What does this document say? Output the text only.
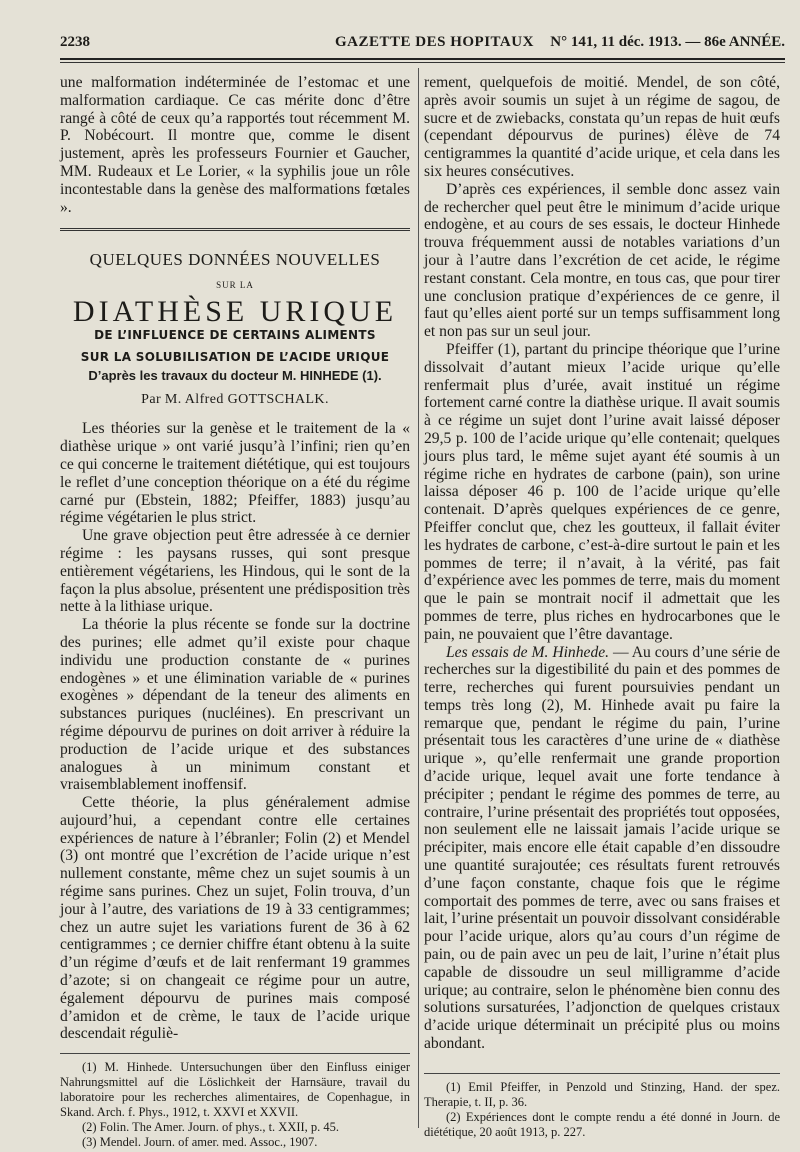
2238	GAZETTE DES HOPITAUX N° 141, 11 déc. 1913. — 86e ANNÉE.

une malformation indéterminée de l’estomac et une malformation cardiaque. Ce cas mérite donc d’être rangé à côté de ceux qu’a rapportés tout récemment M. P. Nobécourt. Il montre que, comme le disent justement, après les professeurs Fournier et Gaucher, MM. Rudeaux et Le Lorier, « la syphilis joue un rôle incontestable dans la genèse des malformations fœtales ».

QUELQUES DONNÉES NOUVELLES
SUR LA
DIATHÈSE URIQUE
DE L’INFLUENCE DE CERTAINS ALIMENTS
SUR LA SOLUBILISATION DE L’ACIDE URIQUE
D’après les travaux du docteur M. HINHEDE (1).
Par M. Alfred GOTTSCHALK.

Les théories sur la genèse et le traitement de la « diathèse urique » ont varié jusqu’à l’infini; rien qu’en ce qui concerne le traitement diététique, qui est toujours le reflet d’une conception théorique on a été du régime carné pur (Ebstein, 1882; Pfeiffer, 1883) jusqu’au régime végétarien le plus strict.

Une grave objection peut être adressée à ce dernier régime : les paysans russes, qui sont presque entièrement végétariens, les Hindous, qui le sont de la façon la plus absolue, présentent une prédisposition très nette à la lithiase urique.

La théorie la plus récente se fonde sur la doctrine des purines; elle admet qu’il existe pour chaque individu une production constante de « purines endogènes » et une élimination variable de « purines exogènes » dépendant de la teneur des aliments en substances puriques (nucléines). En prescrivant un régime dépourvu de purines on doit arriver à réduire la production de l’acide urique et des substances analogues à un minimum constant et vraisemblablement inoffensif.

Cette théorie, la plus généralement admise aujourd’hui, a cependant contre elle certaines expériences de nature à l’ébranler; Folin (2) et Mendel (3) ont montré que l’excrétion de l’acide urique n’est nullement constante, même chez un sujet soumis à un régime sans purines. Chez un sujet, Folin trouva, d’un jour à l’autre, des variations de 19 à 33 centigrammes; chez un autre sujet les variations furent de 36 à 62 centigrammes ; ce dernier chiffre étant obtenu à la suite d’un régime d’œufs et de lait renfermant 19 grammes d’azote; si on changeait ce régime pour un autre, également dépourvu de purines mais composé d’amidon et de crème, le taux de l’acide urique descendait réguliè-

(1) M. Hinhede. Untersuchungen über den Einfluss einiger Nahrungsmittel auf die Löslichkeit der Harnsäure, travail du laboratoire pour les recherches alimentaires, de Copenhague, in Skand. Arch. f. Phys., 1912, t. XXVI et XXVII.

(2) Folin. The Amer. Journ. of phys., t. XXII, p. 45.

(3) Mendel. Journ. of amer. med. Assoc., 1907.

rement, quelquefois de moitié. Mendel, de son côté, après avoir soumis un sujet à un régime de sagou, de sucre et de zwiebacks, constata qu’un repas de huit œufs (cependant dépourvus de purines) élève de 74 centigrammes la quantité d’acide urique, et cela dans les six heures consécutives.

D’après ces expériences, il semble donc assez vain de rechercher quel peut être le minimum d’acide urique endogène, et au cours de ses essais, le docteur Hinhede trouva fréquemment aussi de notables variations d’un jour à l’autre dans l’excrétion de cet acide, le régime restant constant. Cela montre, en tous cas, que pour tirer une conclusion pratique d’expériences de ce genre, il faut qu’elles aient porté sur un temps suffisamment long et non pas sur un seul jour.

Pfeiffer (1), partant du principe théorique que l’urine dissolvait d’autant mieux l’acide urique qu’elle renfermait plus d’urée, avait institué un régime fortement carné contre la diathèse urique. Il avait soumis à ce régime un sujet dont l’urine avait laissé déposer 29,5 p. 100 de l’acide urique qu’elle contenait; quelques jours plus tard, le même sujet ayant été soumis à un régime riche en hydrates de carbone (pain), son urine laissa déposer 46 p. 100 de l’acide urique qu’elle contenait. D’après quelques expériences de ce genre, Pfeiffer conclut que, chez les goutteux, il fallait éviter les hydrates de carbone, c’est-à-dire surtout le pain et les pommes de terre; il n’avait, à la vérité, pas fait d’expérience avec les pommes de terre, mais du moment que le pain se montrait nocif il admettait que les pommes de terre, plus riches en hydrocarbones que le pain, ne pouvaient que l’être davantage.

Les essais de M. Hinhede. — Au cours d’une série de recherches sur la digestibilité du pain et des pommes de terre, recherches qui furent poursuivies pendant un temps très long (2), M. Hinhede avait pu faire la remarque que, pendant le régime du pain, l’urine présentait tous les caractères d’une urine de « diathèse urique », qu’elle renfermait une grande proportion d’acide urique, lequel avait une forte tendance à précipiter ; pendant le régime des pommes de terre, au contraire, l’urine présentait des propriétés tout opposées, non seulement elle ne laissait jamais l’acide urique se précipiter, mais encore elle était capable d’en dissoudre une quantité surajoutée; ces résultats furent retrouvés d’une façon constante, chaque fois que le régime comportait des pommes de terre, avec ou sans fraises et lait, l’urine présentait un pouvoir dissolvant considérable pour l’acide urique, alors qu’au cours d’un régime de pain, ou de pain avec un peu de lait, l’urine n’était plus capable de dissoudre un seul milligramme d’acide urique; au contraire, selon le phénomène bien connu des solutions sursaturées, l’adjonction de quelques cristaux d’acide urique déterminait un précipité plus ou moins abondant.

(1) Emil Pfeiffer, in Penzold und Stinzing, Hand. der spez. Therapie, t. II, p. 36.

(2) Expériences dont le compte rendu a été donné in Journ. de diététique, 20 août 1913, p. 227.
